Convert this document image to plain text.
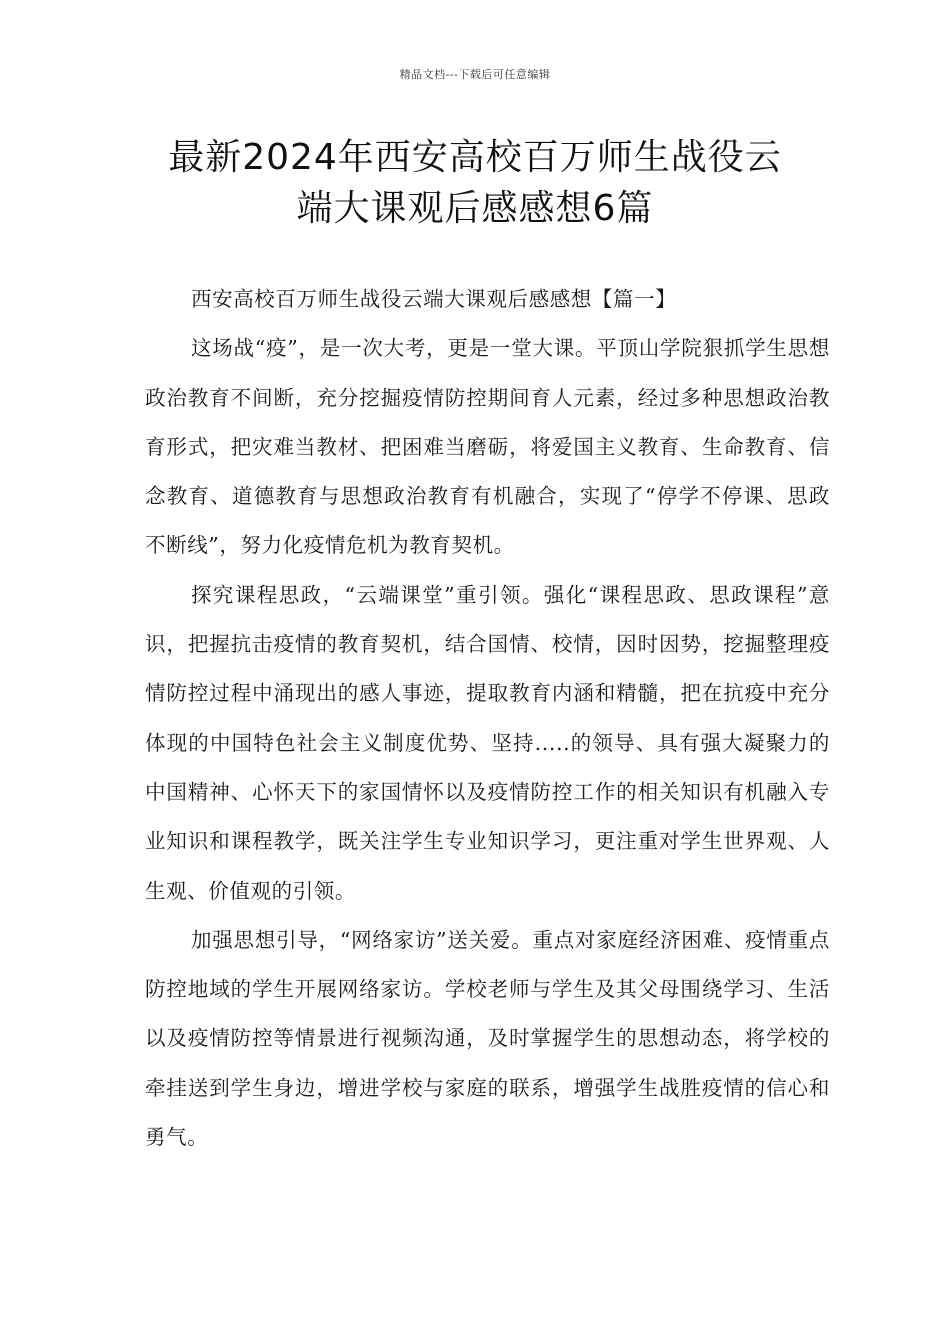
精品文档---下载后可任意编辑
最新2024年西安高校百万师生战役云
端大课观后感感想6篇

西安高校百万师生战役云端大课观后感感想【篇一】

这场战“疫”，是一次大考，更是一堂大课。平顶山学院狠抓学生思想政治教育不间断，充分挖掘疫情防控期间育人元素，经过多种思想政治教育形式，把灾难当教材、把困难当磨砺，将爱国主义教育、生命教育、信念教育、道德教育与思想政治教育有机融合，实现了“停学不停课、思政不断线”，努力化疫情危机为教育契机。

探究课程思政，“云端课堂”重引领。强化“课程思政、思政课程”意识，把握抗击疫情的教育契机，结合国情、校情，因时因势，挖掘整理疫情防控过程中涌现出的感人事迹，提取教育内涵和精髓，把在抗疫中充分体现的中国特色社会主义制度优势、坚持.....的领导、具有强大凝聚力的中国精神、心怀天下的家国情怀以及疫情防控工作的相关知识有机融入专业知识和课程教学，既关注学生专业知识学习，更注重对学生世界观、人生观、价值观的引领。

加强思想引导，“网络家访”送关爱。重点对家庭经济困难、疫情重点防控地域的学生开展网络家访。学校老师与学生及其父母围绕学习、生活以及疫情防控等情景进行视频沟通，及时掌握学生的思想动态，将学校的牵挂送到学生身边，增进学校与家庭的联系，增强学生战胜疫情的信心和勇气。
